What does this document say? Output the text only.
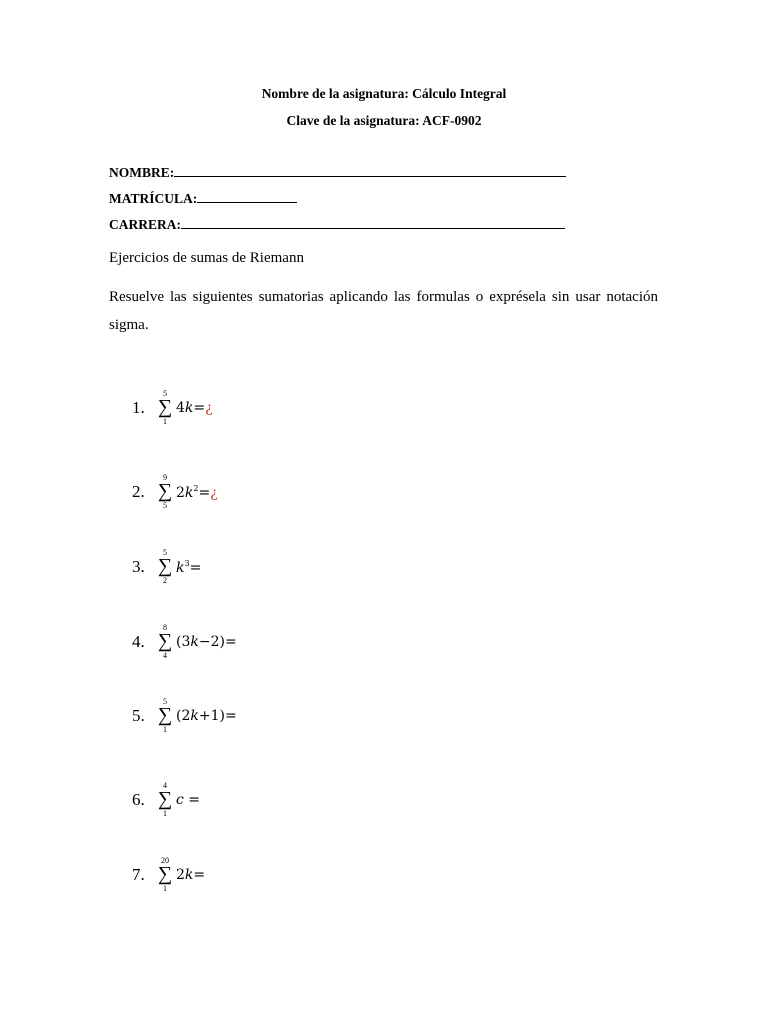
Nombre de la asignatura: Cálculo Integral
Clave de la asignatura: ACF-0902
NOMBRE:
MATRÍCULA:
CARRERA:
Ejercicios de sumas de Riemann
Resuelve las siguientes sumatorias aplicando las formulas o exprésela sin usar notación sigma.
1.
5
∑
1
4k=¿
2.
9
∑
5
$2k^2=¿$
3.
5
∑
2
$k^3=$
4.
8
∑
4
(3k−2)=
5.
5
∑
1
(2k+1)=
6.
4
∑
1
c =
7.
20
∑
1
2k=
